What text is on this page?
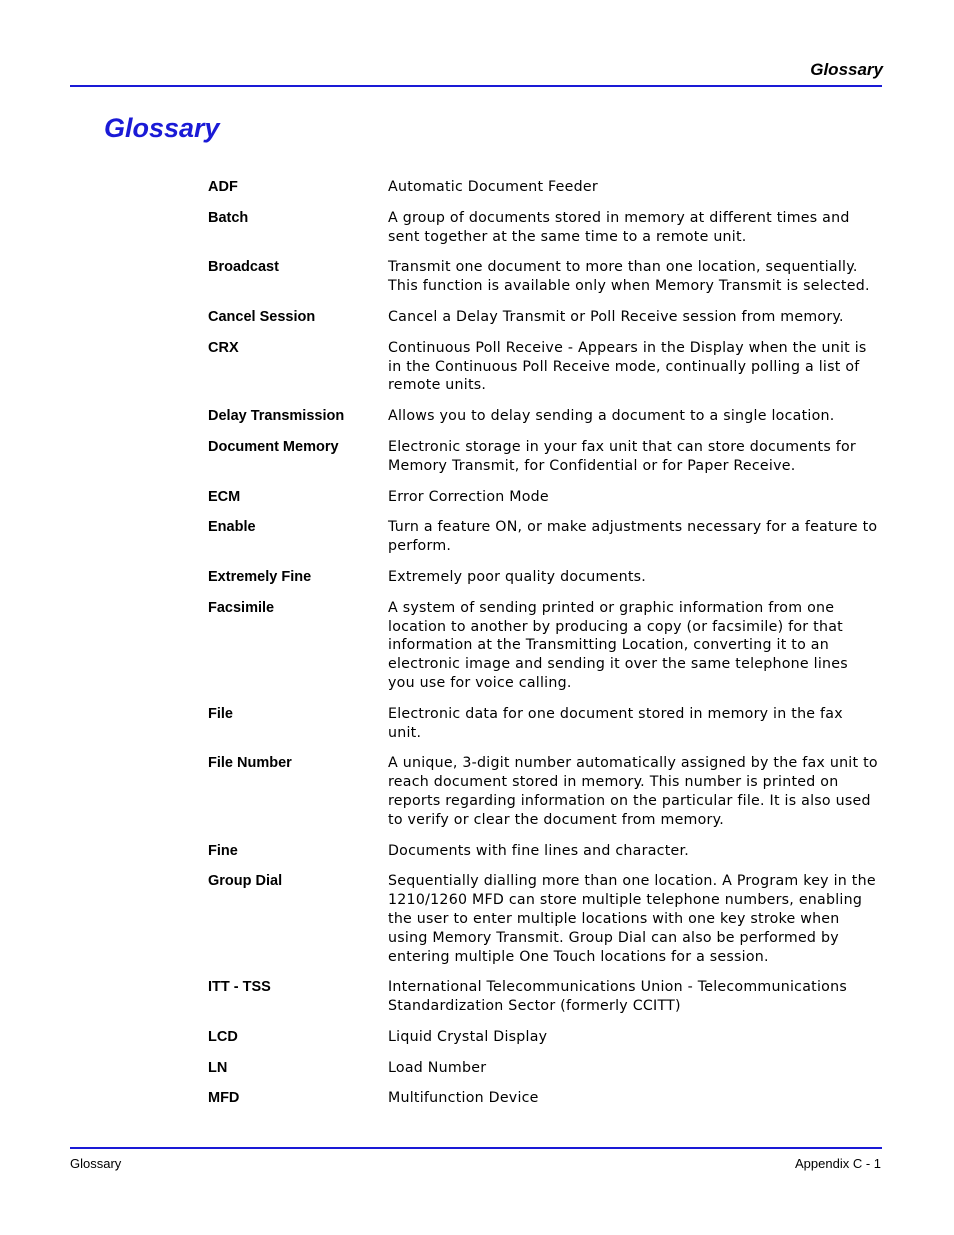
Glossary
Glossary
ADF	Automatic Document Feeder
Batch	A group of documents stored in memory at different times and sent together at the same time to a remote unit.
Broadcast	Transmit one document to more than one location, sequentially. This function is available only when Memory Transmit is selected.
Cancel Session	Cancel a Delay Transmit or Poll Receive session from memory.
CRX	Continuous Poll Receive - Appears in the Display when the unit is in the Continuous Poll Receive mode, continually polling a list of remote units.
Delay Transmission	Allows you to delay sending a document to a single location.
Document Memory	Electronic storage in your fax unit that can store documents for Memory Transmit, for Confidential or for Paper Receive.
ECM	Error Correction Mode
Enable	Turn a feature ON, or make adjustments necessary for a feature to perform.
Extremely Fine	Extremely poor quality documents.
Facsimile	A system of sending printed or graphic information from one location to another by producing a copy (or facsimile) for that information at the Transmitting Location, converting it to an electronic image and sending it over the same telephone lines you use for voice calling.
File	Electronic data for one document stored in memory in the fax unit.
File Number	A unique, 3-digit number automatically assigned by the fax unit to reach document stored in memory. This number is printed on reports regarding information on the particular file. It is also used to verify or clear the document from memory.
Fine	Documents with fine lines and character.
Group Dial	Sequentially dialling more than one location. A Program key in the 1210/1260 MFD can store multiple telephone numbers, enabling the user to enter multiple locations with one key stroke when using Memory Transmit. Group Dial can also be performed by entering multiple One Touch locations for a session.
ITT - TSS	International Telecommunications Union - Telecommunications Standardization Sector (formerly CCITT)
LCD	Liquid Crystal Display
LN	Load Number
MFD	Multifunction Device
Glossary	Appendix C - 1
